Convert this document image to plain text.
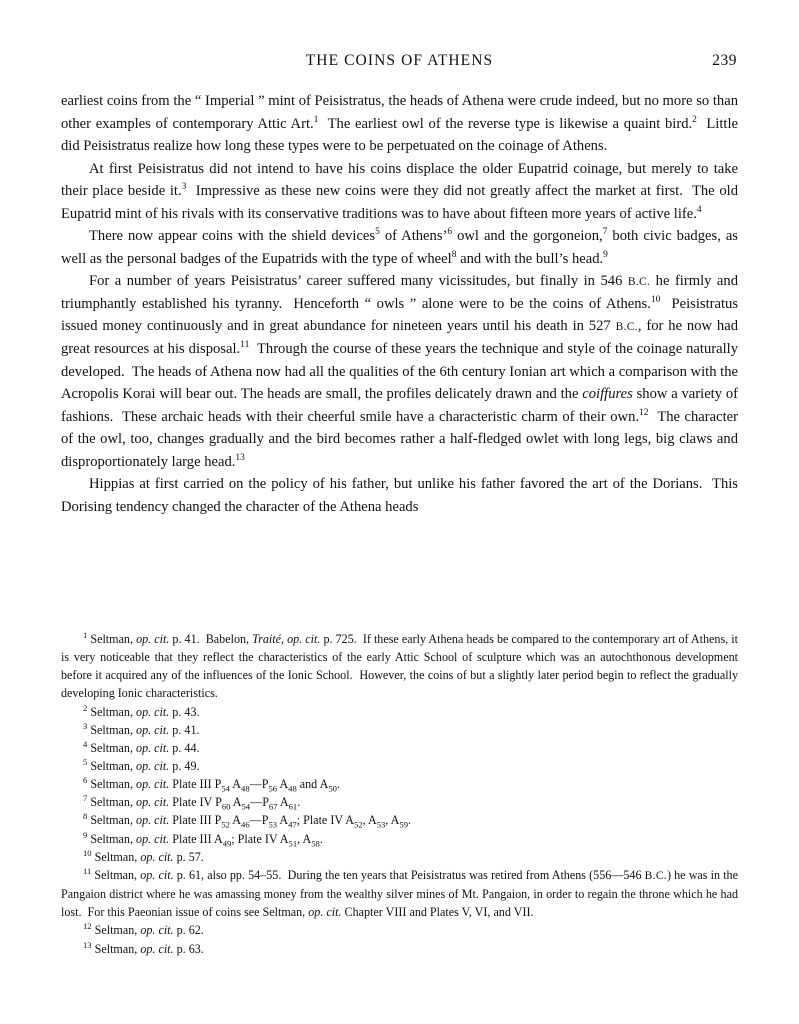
THE COINS OF ATHENS	239

earliest coins from the “ Imperial ” mint of Peisistratus, the heads of Athena were crude indeed, but no more so than other examples of contemporary Attic Art.$^1$  The earliest owl of the reverse type is likewise a quaint bird.$^2$  Little did Peisistratus realize how long these types were to be perpetuated on the coinage of Athens.

At first Peisistratus did not intend to have his coins displace the older Eupatrid coinage, but merely to take their place beside it.$^3$  Impressive as these new coins were they did not greatly affect the market at first.  The old Eupatrid mint of his rivals with its conservative traditions was to have about fifteen more years of active life.$^4$

There now appear coins with the shield devices$^5$ of Athens’$^6$ owl and the gorgoneion,$^7$ both civic badges, as well as the personal badges of the Eupatrids with the type of wheel$^8$ and with the bull’s head.$^9$

For a number of years Peisistratus’ career suffered many vicissitudes, but finally in 546 B.C. he firmly and triumphantly established his tyranny.  Henceforth “ owls ” alone were to be the coins of Athens.$^{10}$  Peisistratus issued money continuously and in great abundance for nineteen years until his death in 527 B.C., for he now had great resources at his disposal.$^{11}$  Through the course of these years the technique and style of the coinage naturally developed.  The heads of Athena now had all the qualities of the 6th century Ionian art which a comparison with the Acropolis Korai will bear out. The heads are small, the profiles delicately drawn and the coiffures show a variety of fashions.  These archaic heads with their cheerful smile have a characteristic charm of their own.$^{12}$  The character of the owl, too, changes gradually and the bird becomes rather a half-fledged owlet with long legs, big claws and disproportionately large head.$^{13}$

Hippias at first carried on the policy of his father, but unlike his father favored the art of the Dorians.  This Dorising tendency changed the character of the Athena heads

$^1$ Seltman, op. cit. p. 41.  Babelon, Traité, op. cit. p. 725.  If these early Athena heads be compared to the contemporary art of Athens, it is very noticeable that they reflect the characteristics of the early Attic School of sculpture which was an autochthonous development before it acquired any of the influences of the Ionic School.  However, the coins of but a slightly later period begin to reflect the gradually developing Ionic characteristics.

$^2$ Seltman, op. cit. p. 43.

$^3$ Seltman, op. cit. p. 41.

$^4$ Seltman, op. cit. p. 44.

$^5$ Seltman, op. cit. p. 49.

$^6$ Seltman, op. cit. Plate III $P_{54}$ $A_{48}—P_{56}$ $A_{48}$ and $A_{50}$.

$^7$ Seltman, op. cit. Plate IV $P_{60}$ $A_{54}—P_{67}$ $A_{61}$.

$^8$ Seltman, op. cit. Plate III $P_{52}$ $A_{46}—P_{53}$ $A_{47}$; Plate IV $A_{52}$, $A_{53}$, $A_{59}$.

$^9$ Seltman, op. cit. Plate III $A_{49}$; Plate IV $A_{51}$, $A_{58}$.

$^{10}$ Seltman, op. cit. p. 57.

$^{11}$ Seltman, op. cit. p. 61, also pp. 54–55.  During the ten years that Peisistratus was retired from Athens (556—546 B.C.) he was in the Pangaion district where he was amassing money from the wealthy silver mines of Mt. Pangaion, in order to regain the throne which he had lost.  For this Paeonian issue of coins see Seltman, op. cit. Chapter VIII and Plates V, VI, and VII.

$^{12}$ Seltman, op. cit. p. 62.

$^{13}$ Seltman, op. cit. p. 63.
